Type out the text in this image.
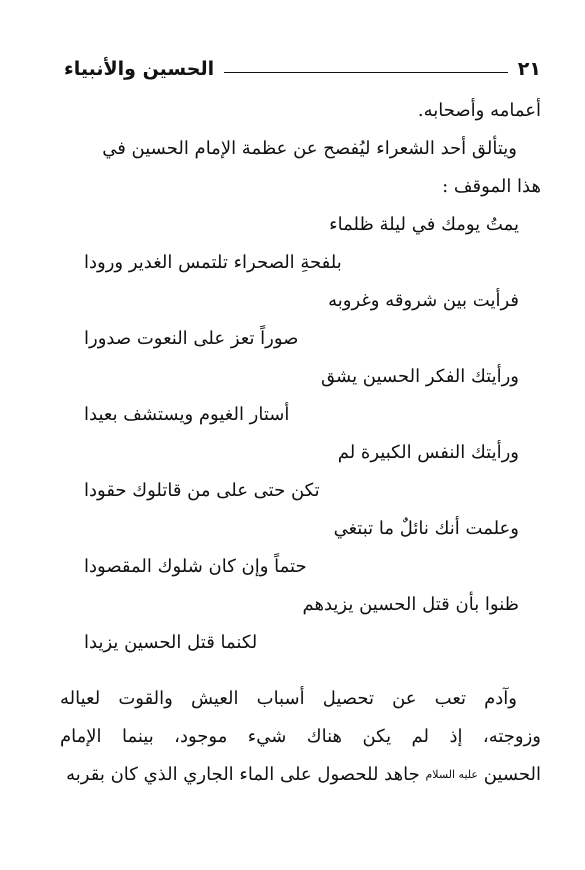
الحسين والأنبياء	٢١
أعمامه وأصحابه.
ويتألق أحد الشعراء ليُفصح عن عظمة الإمام الحسين في
هذا الموقف :
يمتُ يومك في ليلة ظلماء
بلفحةِ الصحراء تلتمس الغدير ورودا
فرأيت بين شروقه وغروبه
صوراً تعز على النعوت صدورا
ورأيتك الفكر الحسين يشق
أستار الغيوم ويستشف بعيدا
ورأيتك النفس الكبيرة لم
تكن حتى على من قاتلوك حقودا
وعلمت أنك نائلٌ ما تبتغي
حتماً وإن كان شلوك المقصودا
ظنوا بأن قتل الحسين يزيدهم
لكنما قتل الحسين يزيدا
وآدم تعب عن تحصيل أسباب العيش والقوت لعياله
وزوجته، إذ لم يكن هناك شيء موجود، بينما الإمام
الحسين عليه السلام جاهد للحصول على الماء الجاري الذي كان بقربه
